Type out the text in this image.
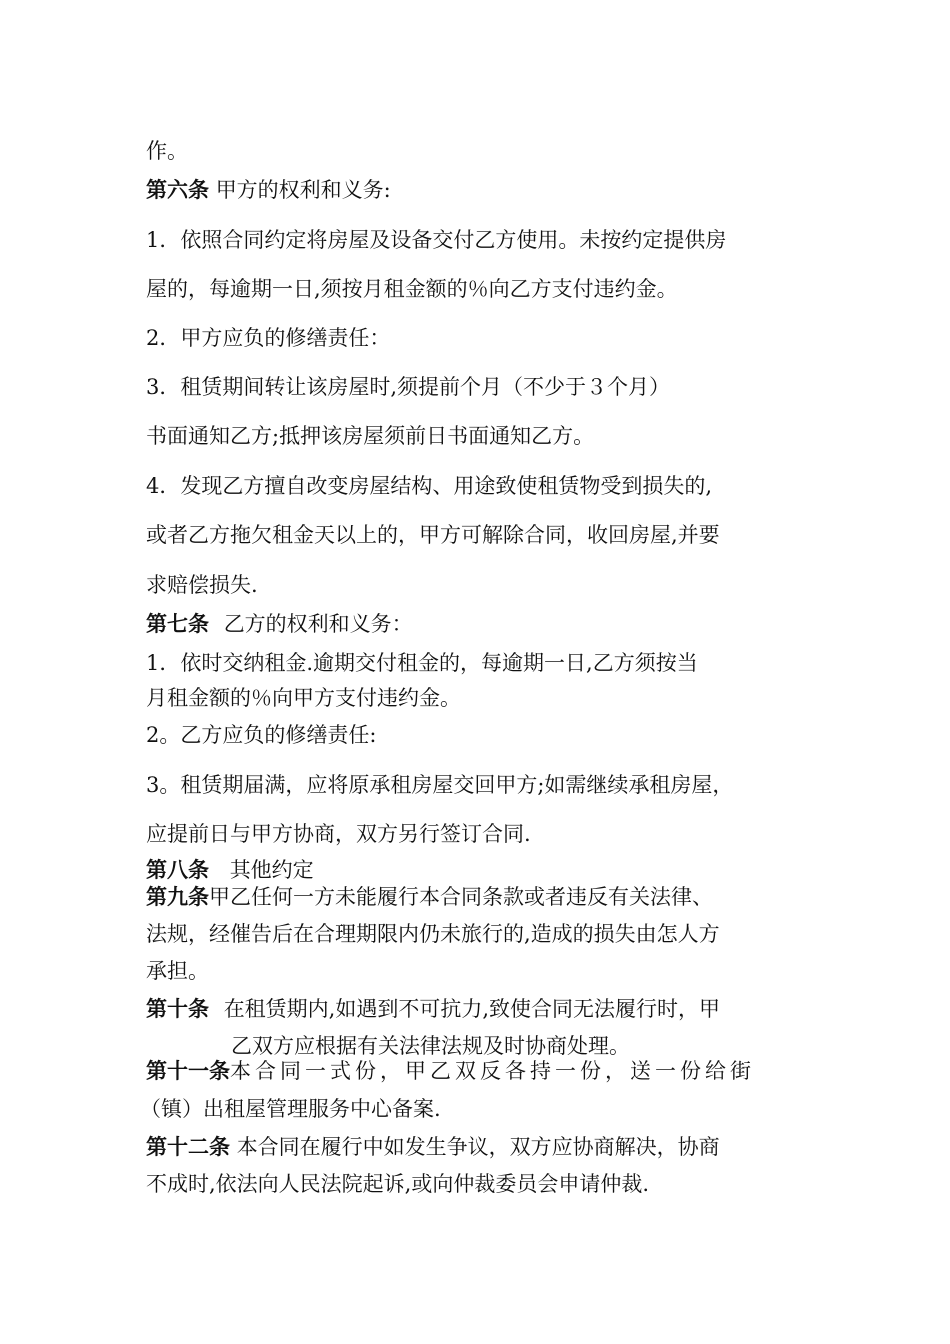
作。
第六条 甲方的权利和义务:
1．依照合同约定将房屋及设备交付乙方使用。未按约定提供房
屋的，每逾期一日,须按月租金额的％向乙方支付违约金。
2．甲方应负的修缮责任：
3．租赁期间转让该房屋时,须提前个月（不少于３个月）
书面通知乙方;抵押该房屋须前日书面通知乙方。
4．发现乙方擅自改变房屋结构、用途致使租赁物受到损失的,
或者乙方拖欠租金天以上的，甲方可解除合同，收回房屋,并要
求赔偿损失.
第七条 乙方的权利和义务：
1．依时交纳租金.逾期交付租金的，每逾期一日,乙方须按当
月租金额的％向甲方支付违约金。
2。乙方应负的修缮责任:
3。租赁期届满，应将原承租房屋交回甲方;如需继续承租房屋，
应提前日与甲方协商，双方另行签订合同.
第八条 其他约定
第九条甲乙任何一方未能履行本合同条款或者违反有关法律、
法规，经催告后在合理期限内仍未旅行的,造成的损失由怎人方
承担。
第十条 在租赁期内,如遇到不可抗力,致使合同无法履行时，甲
乙双方应根据有关法律法规及时协商处理。
第十一条本合同一式份，甲乙双反各持一份，送一份给街
（镇）出租屋管理服务中心备案.
第十二条 本合同在履行中如发生争议，双方应协商解决，协商
不成时,依法向人民法院起诉,或向仲裁委员会申请仲裁.
